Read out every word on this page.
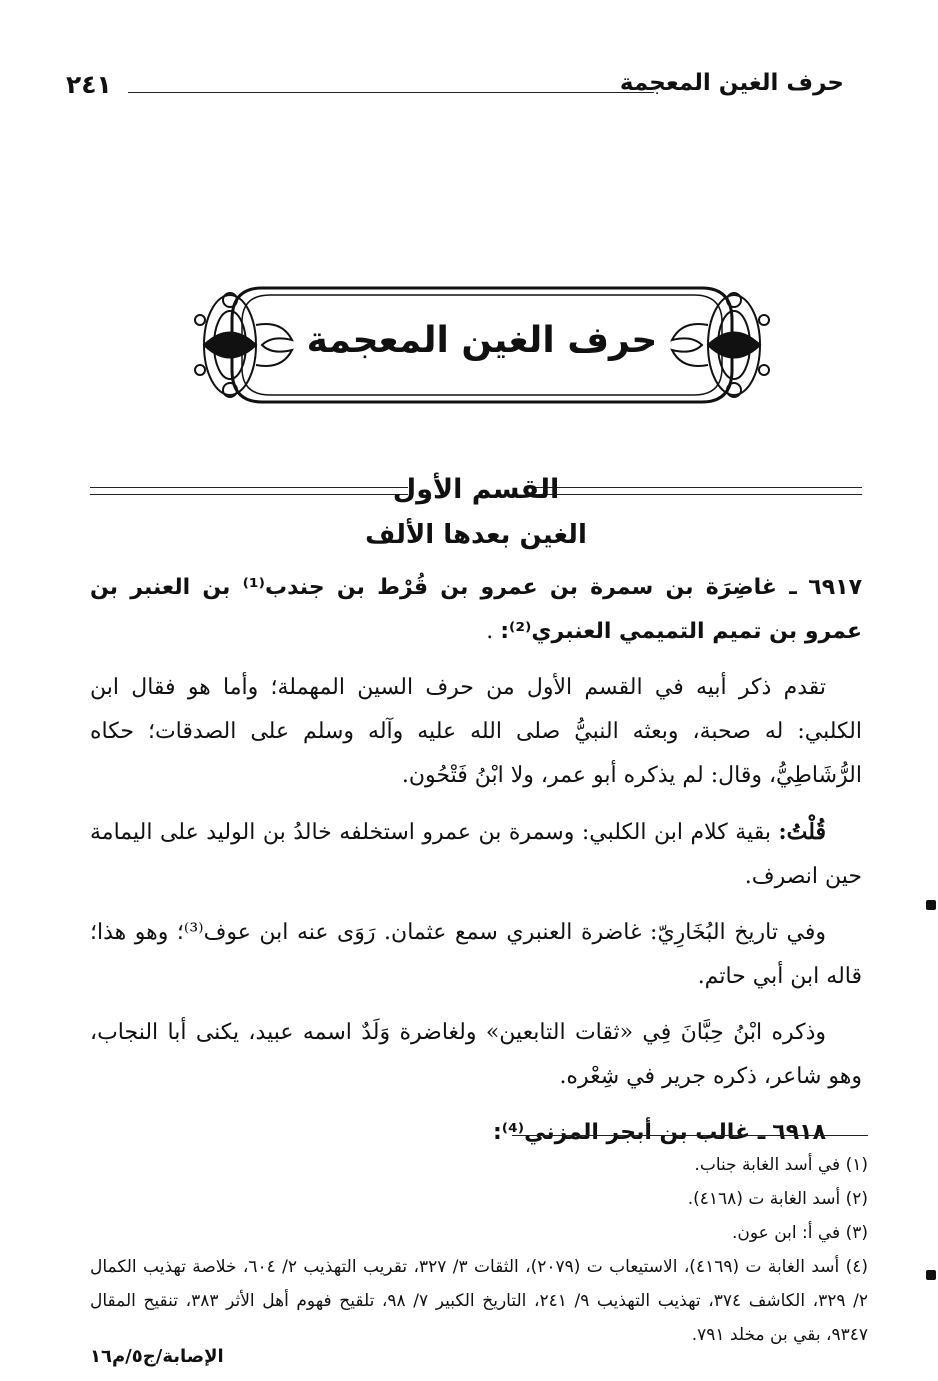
٢٤١	حرف الغين المعجمة
حرف الغين المعجمة
القسم الأول
الغين بعدها الألف

٦٩١٧ ـ غاضِرَة بن سمرة بن عمرو بن قُرْط بن جندب⁽¹⁾ بن العنبر بن عمرو بن تميم التميمي العنبري⁽²⁾: .

تقدم ذكر أبيه في القسم الأول من حرف السين المهملة؛ وأما هو فقال ابن الكلبي: له صحبة، وبعثه النبيُّ صلى الله عليه وآله وسلم على الصدقات؛ حكاه الرُّشَاطِيُّ، وقال: لم يذكره أبو عمر، ولا ابْنُ فَتْحُون.

قُلْتُ: بقية كلام ابن الكلبي: وسمرة بن عمرو استخلفه خالدُ بن الوليد على اليمامة حين انصرف.

وفي تاريخ البُخَارِيّ: غاضرة العنبري سمع عثمان. رَوَى عنه ابن عوف⁽³⁾؛ وهو هذا؛ قاله ابن أبي حاتم.

وذكره ابْنُ حِبَّانَ فِي «ثقات التابعين» ولغاضرة وَلَدٌ اسمه عبيد، يكنى أبا النجاب، وهو شاعر، ذكره جرير في شِعْره.

٦٩١٨ ـ غالب بن أبجر المزني⁽⁴⁾:

(١) في أسد الغابة جناب.

(٢) أسد الغابة ت (٤١٦٨).

(٣) في أ: ابن عون.

(٤) أسد الغابة ت (٤١٦٩)، الاستيعاب ت (٢٠٧٩)، الثقات ٣/ ٣٢٧، تقريب التهذيب ٢/ ٦٠٤، خلاصة تهذيب الكمال ٢/ ٣٢٩، الكاشف ٣٧٤، تهذيب التهذيب ٩/ ٢٤١، التاريخ الكبير ٧/ ٩٨، تلقيح فهوم أهل الأثر ٣٨٣، تنقيح المقال ٩٣٤٧، بقي بن مخلد ٧٩١.

الإصابة/ج٥/م١٦
